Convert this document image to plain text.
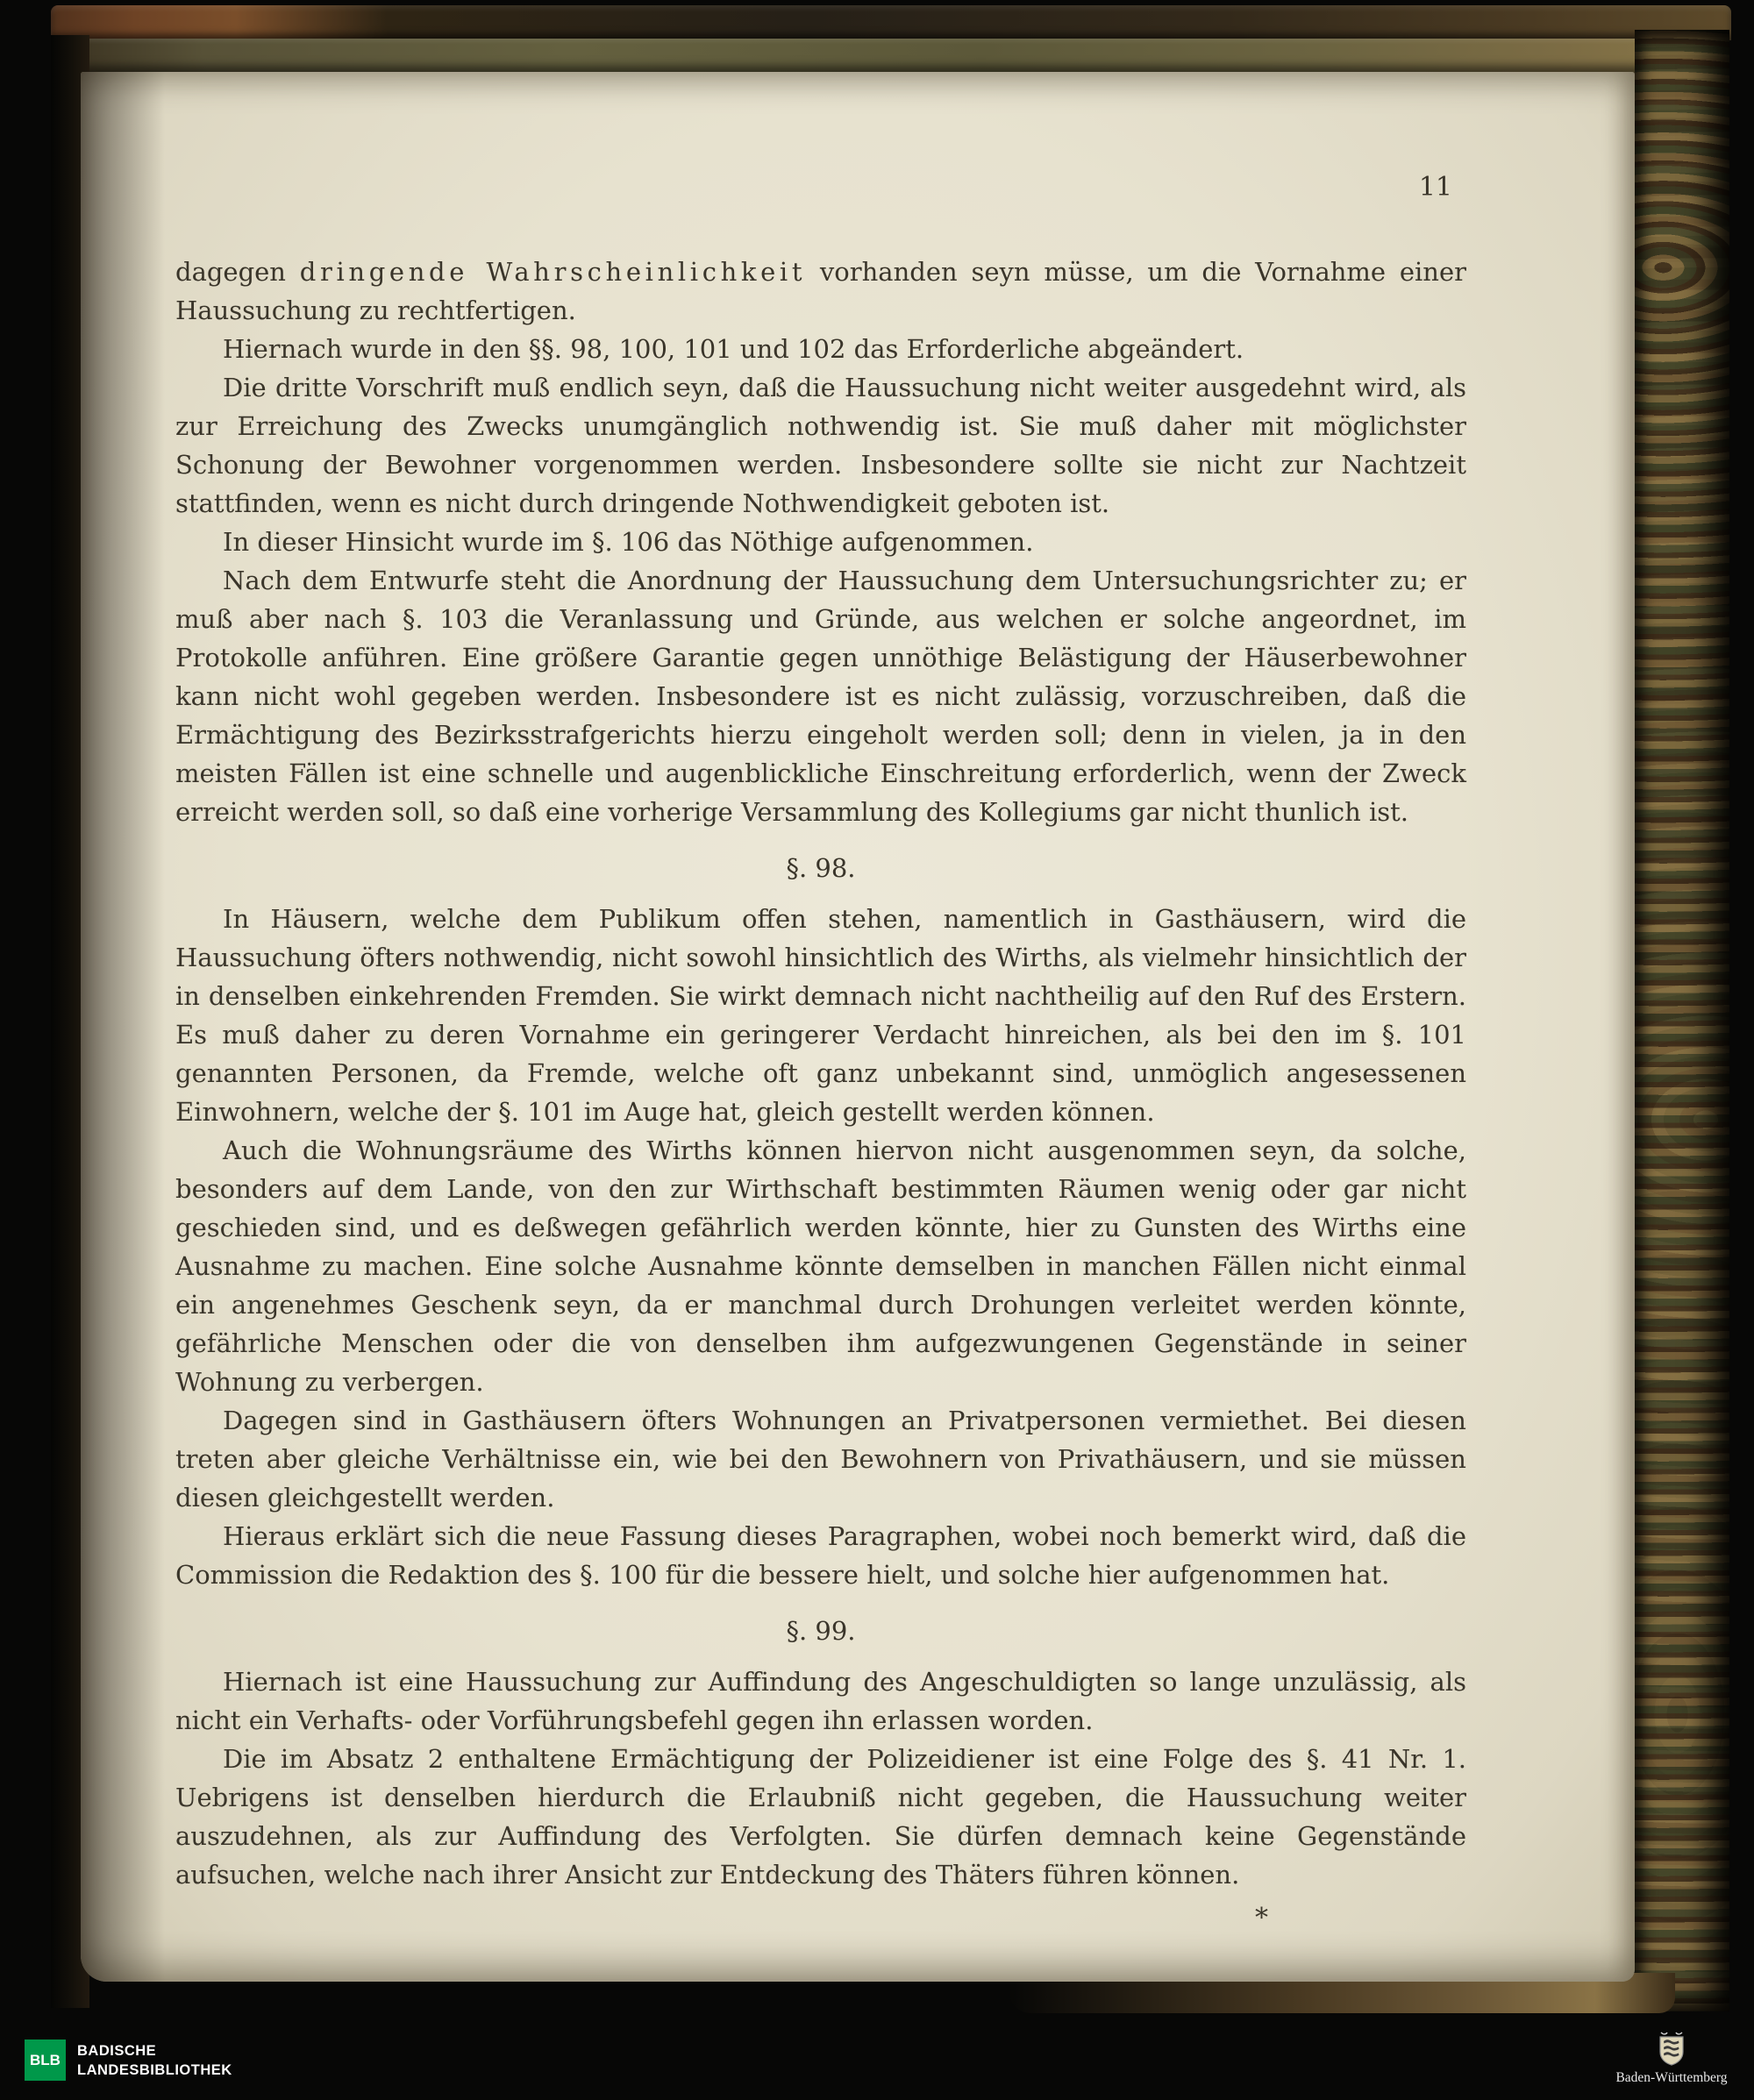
11

dagegen dringende Wahrscheinlichkeit vorhanden seyn müsse, um die Vornahme einer Haussuchung zu rechtfertigen.

Hiernach wurde in den §§. 98, 100, 101 und 102 das Erforderliche abgeändert.

Die dritte Vorschrift muß endlich seyn, daß die Haussuchung nicht weiter ausgedehnt wird, als zur Erreichung des Zwecks unumgänglich nothwendig ist. Sie muß daher mit möglichster Schonung der Bewohner vorgenommen werden. Insbesondere sollte sie nicht zur Nachtzeit stattfinden, wenn es nicht durch dringende Nothwendigkeit geboten ist.

In dieser Hinsicht wurde im §. 106 das Nöthige aufgenommen.

Nach dem Entwurfe steht die Anordnung der Haussuchung dem Untersuchungsrichter zu; er muß aber nach §. 103 die Veranlassung und Gründe, aus welchen er solche angeordnet, im Protokolle anführen. Eine größere Garantie gegen unnöthige Belästigung der Häuserbewohner kann nicht wohl gegeben werden. Insbesondere ist es nicht zulässig, vorzuschreiben, daß die Ermächtigung des Bezirksstrafgerichts hierzu eingeholt werden soll; denn in vielen, ja in den meisten Fällen ist eine schnelle und augenblickliche Einschreitung erforderlich, wenn der Zweck erreicht werden soll, so daß eine vorherige Versammlung des Kollegiums gar nicht thunlich ist.

§. 98.

In Häusern, welche dem Publikum offen stehen, namentlich in Gasthäusern, wird die Haussuchung öfters nothwendig, nicht sowohl hinsichtlich des Wirths, als vielmehr hinsichtlich der in denselben einkehrenden Fremden. Sie wirkt demnach nicht nachtheilig auf den Ruf des Erstern. Es muß daher zu deren Vornahme ein geringerer Verdacht hinreichen, als bei den im §. 101 genannten Personen, da Fremde, welche oft ganz unbekannt sind, unmöglich angesessenen Einwohnern, welche der §. 101 im Auge hat, gleich gestellt werden können.

Auch die Wohnungsräume des Wirths können hiervon nicht ausgenommen seyn, da solche, besonders auf dem Lande, von den zur Wirthschaft bestimmten Räumen wenig oder gar nicht geschieden sind, und es deßwegen gefährlich werden könnte, hier zu Gunsten des Wirths eine Ausnahme zu machen. Eine solche Ausnahme könnte demselben in manchen Fällen nicht einmal ein angenehmes Geschenk seyn, da er manchmal durch Drohungen verleitet werden könnte, gefährliche Menschen oder die von denselben ihm aufgezwungenen Gegenstände in seiner Wohnung zu verbergen.

Dagegen sind in Gasthäusern öfters Wohnungen an Privatpersonen vermiethet. Bei diesen treten aber gleiche Verhältnisse ein, wie bei den Bewohnern von Privathäusern, und sie müssen diesen gleichgestellt werden.

Hieraus erklärt sich die neue Fassung dieses Paragraphen, wobei noch bemerkt wird, daß die Commission die Redaktion des §. 100 für die bessere hielt, und solche hier aufgenommen hat.

§. 99.

Hiernach ist eine Haussuchung zur Auffindung des Angeschuldigten so lange unzulässig, als nicht ein Verhafts- oder Vorführungsbefehl gegen ihn erlassen worden.

Die im Absatz 2 enthaltene Ermächtigung der Polizeidiener ist eine Folge des §. 41 Nr. 1. Uebrigens ist denselben hierdurch die Erlaubniß nicht gegeben, die Haussuchung weiter auszudehnen, als zur Auffindung des Verfolgten. Sie dürfen demnach keine Gegenstände aufsuchen, welche nach ihrer Ansicht zur Entdeckung des Thäters führen können.

*
BLB
BADISCHE
LANDESBIBLIOTHEK	Baden-Württemberg
